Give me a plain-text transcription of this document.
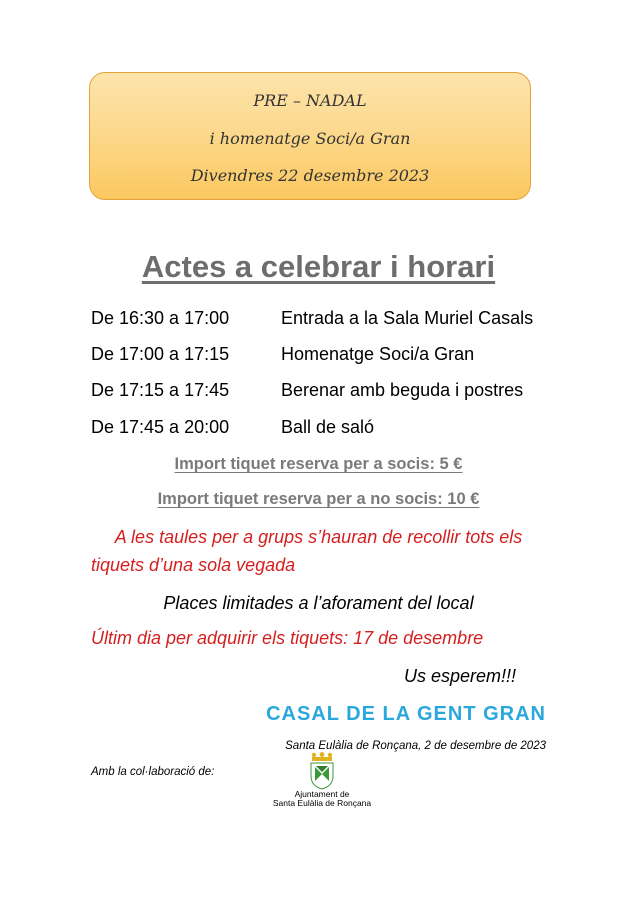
PRE – NADAL
i homenatge Soci/a Gran
Divendres 22 desembre 2023
Actes a celebrar i horari
De 16:30 a 17:00	Entrada a la Sala Muriel Casals
De 17:00 a 17:15	Homenatge Soci/a Gran
De 17:15 a 17:45	Berenar amb beguda i postres
De 17:45 a 20:00	Ball de saló
Import tiquet reserva per a socis: 5 €
Import tiquet reserva per a no socis: 10 €
A les taules per a grups s’hauran de recollir tots els
tiquets d’una sola vegada
Places limitades a l’aforament del local
Últim dia per adquirir els tiquets: 17 de desembre
Us esperem!!!
CASAL DE LA GENT GRAN
Santa Eulàlia de Ronçana, 2 de desembre de 2023
Amb la col·laboració de:
Ajuntament de
Santa Eulàlia de Ronçana
